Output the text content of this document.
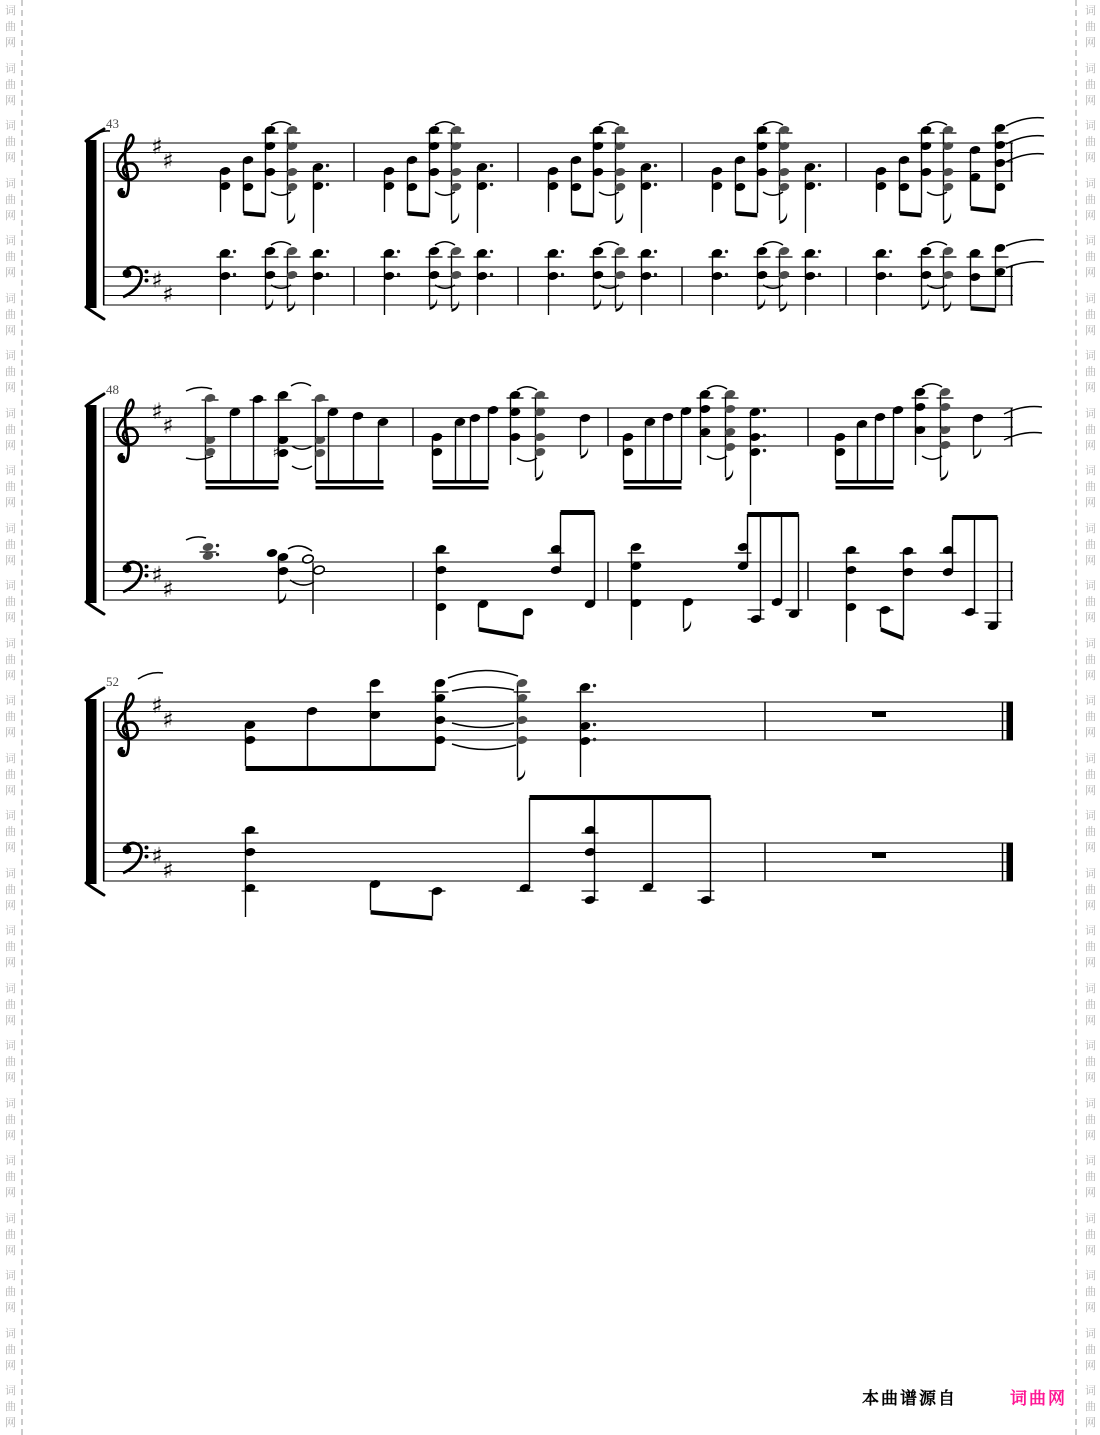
词
曲
网
词
曲
网
词
曲
网
词
曲
网
词
曲
网
词
曲
网
词
曲
网
词
曲
网
词
曲
网
词
曲
网
词
曲
网
词
曲
网
词
曲
网
词
曲
网
词
曲
网
词
曲
网
词
曲
网
词
曲
网
词
曲
网
词
曲
网
词
曲
网
词
曲
网
词
曲
网
词
曲
网
词
曲
网
♯
♯
♯
♯
43
♯
♯
♯
♯
48
♯
♯
♯
♯
♯
52
词
曲
网
词
曲
网
词
曲
网
词
曲
网
词
曲
网
词
曲
网
词
曲
网
词
曲
网
词
曲
网
词
曲
网
词
曲
网
词
曲
网
词
曲
网
词
曲
网
词
曲
网
词
曲
网
词
曲
网
词
曲
网
词
曲
网
词
曲
网
词
曲
网
词
曲
网
词
曲
网
词
曲
网
词
曲
网
本曲谱源自	词曲网
